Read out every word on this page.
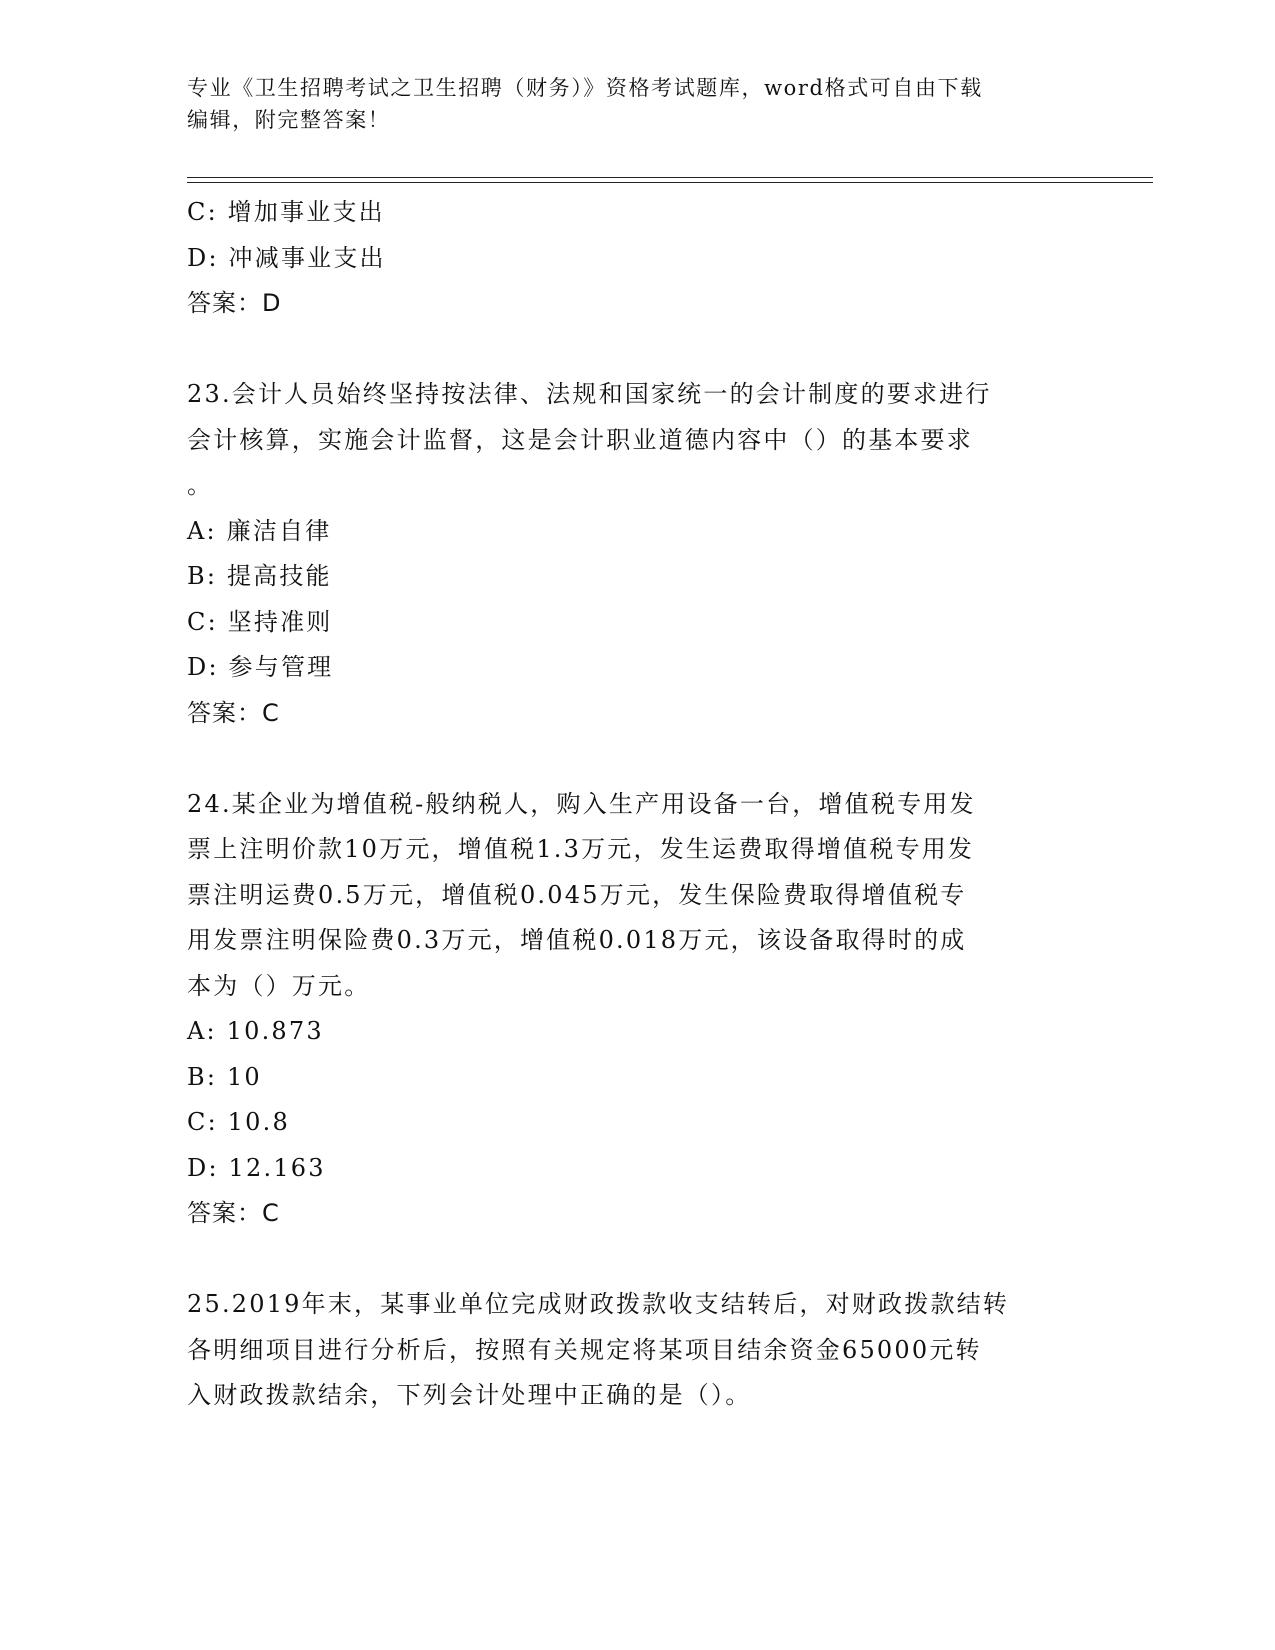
专业《卫生招聘考试之卫生招聘（财务）》资格考试题库，word格式可自由下载
编辑，附完整答案！
C: 增加事业支出
D: 冲减事业支出
答案：D
23.会计人员始终坚持按法律、法规和国家统一的会计制度的要求进行
会计核算，实施会计监督，这是会计职业道德内容中（）的基本要求
。
A: 廉洁自律
B: 提高技能
C: 坚持准则
D: 参与管理
答案：C
24.某企业为增值税-般纳税人，购入生产用设备一台，增值税专用发
票上注明价款10万元，增值税1.3万元，发生运费取得增值税专用发
票注明运费0.5万元，增值税0.045万元，发生保险费取得增值税专
用发票注明保险费0.3万元，增值税0.018万元，该设备取得时的成
本为（）万元。
A: 10.873
B: 10
C: 10.8
D: 12.163
答案：C
25.2019年末，某事业单位完成财政拨款收支结转后，对财政拨款结转
各明细项目进行分析后，按照有关规定将某项目结余资金65000元转
入财政拨款结余，下列会计处理中正确的是（）。
